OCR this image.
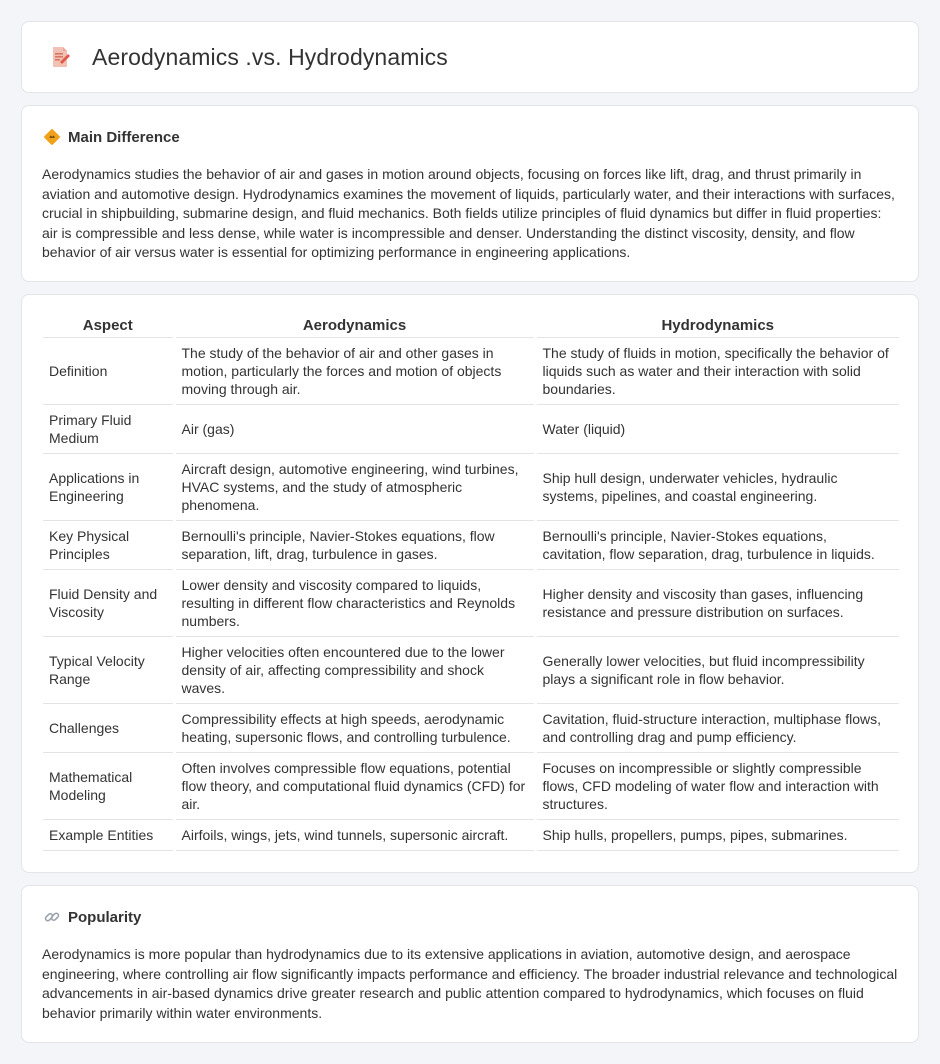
Aerodynamics .vs. Hydrodynamics
Main Difference

Aerodynamics studies the behavior of air and gases in motion around objects, focusing on forces like lift, drag, and thrust primarily in aviation and automotive design. Hydrodynamics examines the movement of liquids, particularly water, and their interactions with surfaces, crucial in shipbuilding, submarine design, and fluid mechanics. Both fields utilize principles of fluid dynamics but differ in fluid properties: air is compressible and less dense, while water is incompressible and denser. Understanding the distinct viscosity, density, and flow behavior of air versus water is essential for optimizing performance in engineering applications.

Aspect	Aerodynamics	Hydrodynamics
Definition	The study of the behavior of air and other gases in motion, particularly the forces and motion of objects moving through air.	The study of fluids in motion, specifically the behavior of liquids such as water and their interaction with solid boundaries.
Primary Fluid Medium	Air (gas)	Water (liquid)
Applications in Engineering	Aircraft design, automotive engineering, wind turbines, HVAC systems, and the study of atmospheric phenomena.	Ship hull design, underwater vehicles, hydraulic systems, pipelines, and coastal engineering.
Key Physical Principles	Bernoulli's principle, Navier-Stokes equations, flow separation, lift, drag, turbulence in gases.	Bernoulli's principle, Navier-Stokes equations, cavitation, flow separation, drag, turbulence in liquids.
Fluid Density and Viscosity	Lower density and viscosity compared to liquids, resulting in different flow characteristics and Reynolds numbers.	Higher density and viscosity than gases, influencing resistance and pressure distribution on surfaces.
Typical Velocity Range	Higher velocities often encountered due to the lower density of air, affecting compressibility and shock waves.	Generally lower velocities, but fluid incompressibility plays a significant role in flow behavior.
Challenges	Compressibility effects at high speeds, aerodynamic heating, supersonic flows, and controlling turbulence.	Cavitation, fluid-structure interaction, multiphase flows, and controlling drag and pump efficiency.
Mathematical Modeling	Often involves compressible flow equations, potential flow theory, and computational fluid dynamics (CFD) for air.	Focuses on incompressible or slightly compressible flows, CFD modeling of water flow and interaction with structures.
Example Entities	Airfoils, wings, jets, wind tunnels, supersonic aircraft.	Ship hulls, propellers, pumps, pipes, submarines.
Popularity

Aerodynamics is more popular than hydrodynamics due to its extensive applications in aviation, automotive design, and aerospace engineering, where controlling air flow significantly impacts performance and efficiency. The broader industrial relevance and technological advancements in air-based dynamics drive greater research and public attention compared to hydrodynamics, which focuses on fluid behavior primarily within water environments.
